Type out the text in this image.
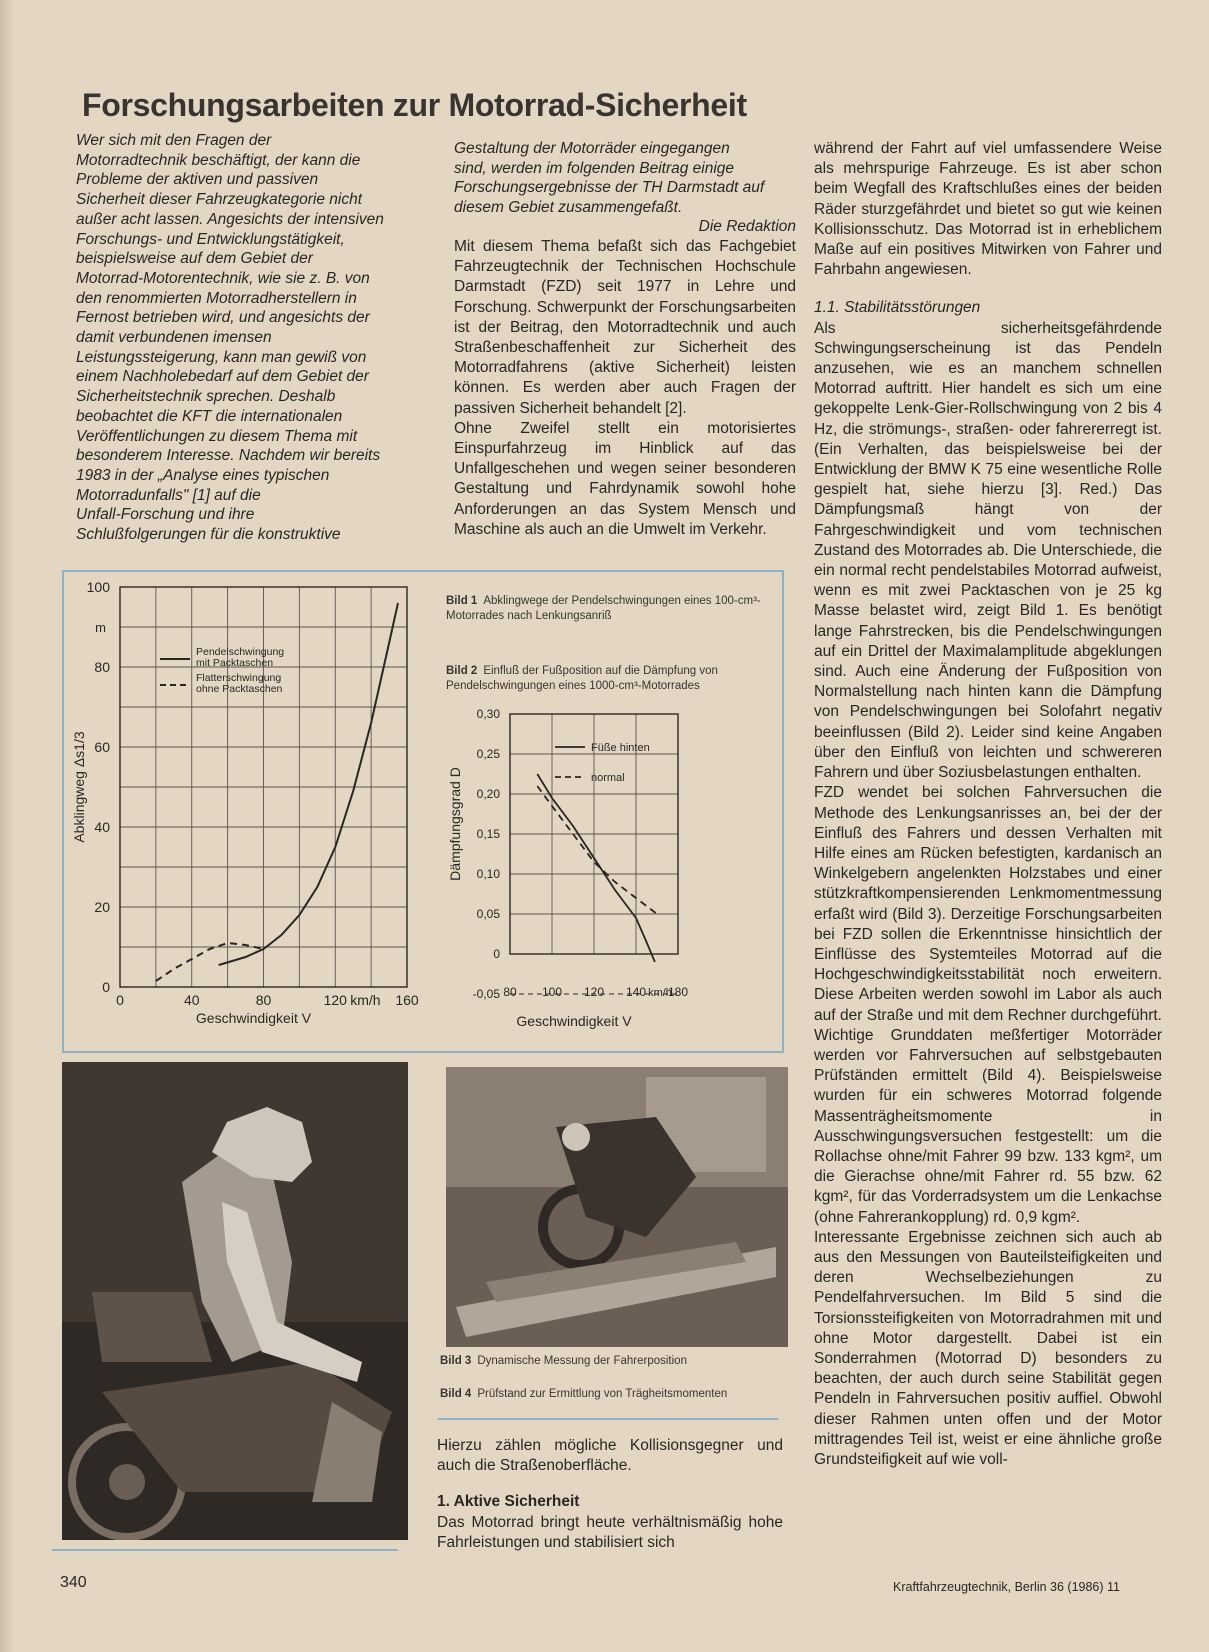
Forschungsarbeiten zur Motorrad-Sicherheit
Wer sich mit den Fragen der
Motorradtechnik beschäftigt, der kann die
Probleme der aktiven und passiven
Sicherheit dieser Fahrzeugkategorie nicht
außer acht lassen. Angesichts der intensiven
Forschungs- und Entwicklungstätigkeit,
beispielsweise auf dem Gebiet der
Motorrad-Motorentechnik, wie sie z. B. von
den renommierten Motorradherstellern in
Fernost betrieben wird, und angesichts der
damit verbundenen imensen
Leistungssteigerung, kann man gewiß von
einem Nachholebedarf auf dem Gebiet der
Sicherheitstechnik sprechen. Deshalb
beobachtet die KFT die internationalen
Veröffentlichungen zu diesem Thema mit
besonderem Interesse. Nachdem wir bereits
1983 in der „Analyse eines typischen
Motorradunfalls" [1] auf die
Unfall-Forschung und ihre
Schlußfolgerungen für die konstruktive
Gestaltung der Motorräder eingegangen
sind, werden im folgenden Beitrag einige
Forschungsergebnisse der TH Darmstadt auf
diesem Gebiet zusammengefaßt.
Die Redaktion
Mit diesem Thema befaßt sich das Fachgebiet Fahrzeugtechnik der Technischen Hochschule Darmstadt (FZD) seit 1977 in Lehre und Forschung. Schwerpunkt der Forschungsarbeiten ist der Beitrag, den Motorradtechnik und auch Straßenbeschaffenheit zur Sicherheit des Motorradfahrens (aktive Sicherheit) leisten können. Es werden aber auch Fragen der passiven Sicherheit behandelt [2].
Ohne Zweifel stellt ein motorisiertes Einspurfahrzeug im Hinblick auf das Unfallgeschehen und wegen seiner besonderen Gestaltung und Fahrdynamik sowohl hohe Anforderungen an das System Mensch und Maschine als auch an die Umwelt im Verkehr.
Hierzu zählen mögliche Kollisionsgegner und auch die Straßenoberfläche.
1. Aktive Sicherheit
Das Motorrad bringt heute verhältnismäßig hohe Fahrleistungen und stabilisiert sich

während der Fahrt auf viel umfassendere Weise als mehrspurige Fahrzeuge. Es ist aber schon beim Wegfall des Kraftschlußes eines der beiden Räder sturzgefährdet und bietet so gut wie keinen Kollisionsschutz. Das Motorrad ist in erheblichem Maße auf ein positives Mitwirken von Fahrer und Fahrbahn angewiesen.

1.1. Stabilitätsstörungen

Als sicherheitsgefährdende Schwingungserscheinung ist das Pendeln anzusehen, wie es an manchem schnellen Motorrad auftritt. Hier handelt es sich um eine gekoppelte Lenk-Gier-Rollschwingung von 2 bis 4 Hz, die strömungs-, straßen- oder fahrererregt ist. (Ein Verhalten, das beispielsweise bei der Entwicklung der BMW K 75 eine wesentliche Rolle gespielt hat, siehe hierzu [3]. Red.) Das Dämpfungsmaß hängt von der Fahrgeschwindigkeit und vom technischen Zustand des Motorrades ab. Die Unterschiede, die ein normal recht pendelstabiles Motorrad aufweist, wenn es mit zwei Packtaschen von je 25 kg Masse belastet wird, zeigt Bild 1. Es benötigt lange Fahrstrecken, bis die Pendelschwingungen auf ein Drittel der Maximalamplitude abgeklungen sind. Auch eine Änderung der Fußposition von Normalstellung nach hinten kann die Dämpfung von Pendelschwingungen bei Solofahrt negativ beeinflussen (Bild 2). Leider sind keine Angaben über den Einfluß von leichten und schwereren Fahrern und über Soziusbelastungen enthalten.

FZD wendet bei solchen Fahrversuchen die Methode des Lenkungsanrisses an, bei der der Einfluß des Fahrers und dessen Verhalten mit Hilfe eines am Rücken befestigten, kardanisch an Winkelgebern angelenkten Holzstabes und einer stützkraftkompensierenden Lenkmomentmessung erfaßt wird (Bild 3). Derzeitige Forschungsarbeiten bei FZD sollen die Erkenntnisse hinsichtlich der Einflüsse des Systemteiles Motorrad auf die Hochgeschwindigkeitsstabilität noch erweitern. Diese Arbeiten werden sowohl im Labor als auch auf der Straße und mit dem Rechner durchgeführt. Wichtige Grunddaten meßfertiger Motorräder werden vor Fahrversuchen auf selbstgebauten Prüfständen ermittelt (Bild 4). Beispielsweise wurden für ein schweres Motorrad folgende Massenträgheitsmomente in Ausschwingungsversuchen festgestellt: um die Rollachse ohne/mit Fahrer 99 bzw. 133 kgm², um die Gierachse ohne/mit Fahrer rd. 55 bzw. 62 kgm², für das Vorderradsystem um die Lenkachse (ohne Fahrerankopplung) rd. 0,9 kgm².

Interessante Ergebnisse zeichnen sich auch ab aus den Messungen von Bauteilsteifigkeiten und deren Wechselbeziehungen zu Pendelfahrversuchen. Im Bild 5 sind die Torsionssteifigkeiten von Motorradrahmen mit und ohne Motor dargestellt. Dabei ist ein Sonderrahmen (Motorrad D) besonders zu beachten, der auch durch seine Stabilität gegen Pendeln in Fahrversuchen positiv auffiel. Obwohl dieser Rahmen unten offen und der Motor mittragendes Teil ist, weist er eine ähnliche große Grundsteifigkeit auf wie voll-

0	40	80	120	160
0
20
40
60
80
100
m
km/h
Geschwindigkeit V
Abklingweg Δs1/3
Pendelschwingung
mit Packtaschen
Flatterschwingung
ohne Packtaschen
Bild 1 Abklingwege der Pendelschwingungen eines 100-cm³-Motorrades nach Lenkungsanriß
Bild 2 Einfluß der Fußposition auf die Dämpfung von Pendelschwingungen eines 1000-cm³-Motorrades
80 100 120 140 180
km/h
-0,05
0
0,05
0,10
0,15
0,20
0,25
0,30
Geschwindigkeit V
Dämpfungsgrad D
Füße hinten
normal
Bild 3 Dynamische Messung der Fahrerposition
Bild 4 Prüfstand zur Ermittlung von Trägheitsmomenten
340	Kraftfahrzeugtechnik, Berlin 36 (1986) 11
